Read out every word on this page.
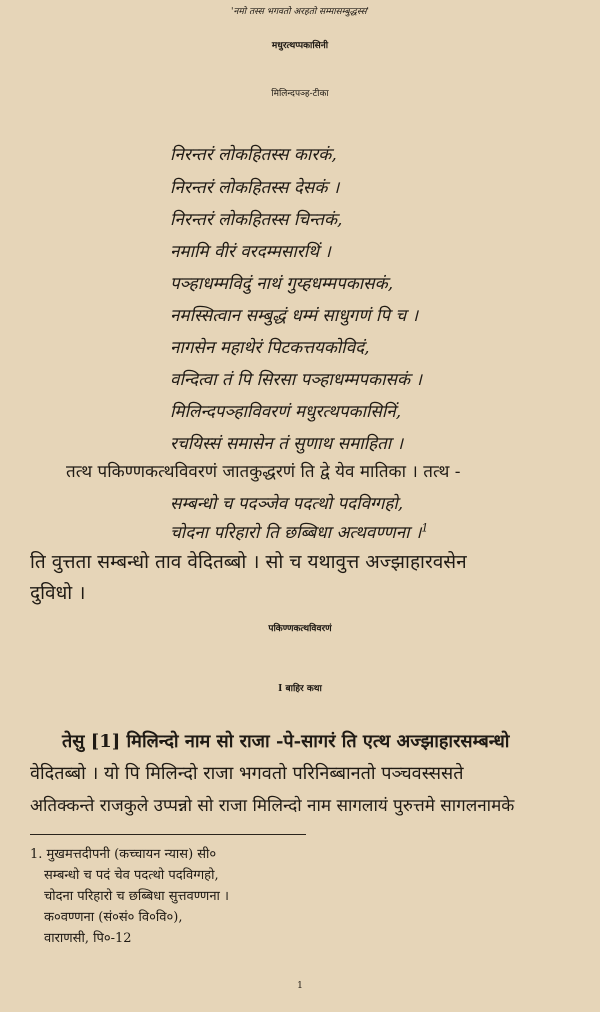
'नमो तस्स भगवतो अरहतो सम्मासम्बुद्धस्स'
मधुरत्थप्पकासिनी
मिलिन्दपञ्ह-टीका
निरन्तरं लोकहितस्स कारकं,
निरन्तरं लोकहितस्स देसकं ।
निरन्तरं लोकहितस्स चिन्तकं,
नमामि वीरं वरदम्मसारथिं ।
पञ्हाधम्मविदुं नाथं गुय्हधम्मपकासकं,
नमस्सित्वान सम्बुद्धं धम्मं साधुगणं पि च ।
नागसेन महाथेरं पिटकत्तयकोविदं,
वन्दित्वा तं पि सिरसा पञ्हाधम्मपकासकं ।
मिलिन्दपञ्हाविवरणं मधुरत्थपकासिनिं,
रचयिस्सं समासेन तं सुणाथ समाहिता ।
तत्थ पकिण्णकत्थविवरणं जातकुद्धरणं ति द्वे येव मातिका । तत्थ -
सम्बन्धो च पदञ्जेव पदत्थो पदविग्गहो,
चोदना परिहारो ति छब्बिधा अत्थवण्णना ।$^1$
ति वुत्तता सम्बन्धो ताव वेदितब्बो । सो च यथावुत्त अज्झाहारवसेन
दुविधो ।
पकिण्णकत्थविवरणं
I बाहिर कथा
तेसु [1] मिलिन्दो नाम सो राजा -पे-सागरं ति एत्थ अज्झाहारसम्बन्धो
वेदितब्बो । यो पि मिलिन्दो राजा भगवतो परिनिब्बानतो पञ्चवस्ससते
अतिक्कन्ते राजकुले उप्पन्नो सो राजा मिलिन्दो नाम सागलायं पुरुत्तमे सागलनामके
1. मुखमत्तदीपनी (कच्चायन न्यास) सी०
सम्बन्धो च पदं चेव पदत्थो पदविग्गहो,
चोदना परिहारो च छब्बिधा सुत्तवण्णना ।
क०वण्णना (सं०सं० वि०वि०),
वाराणसी, पि०-12
1
